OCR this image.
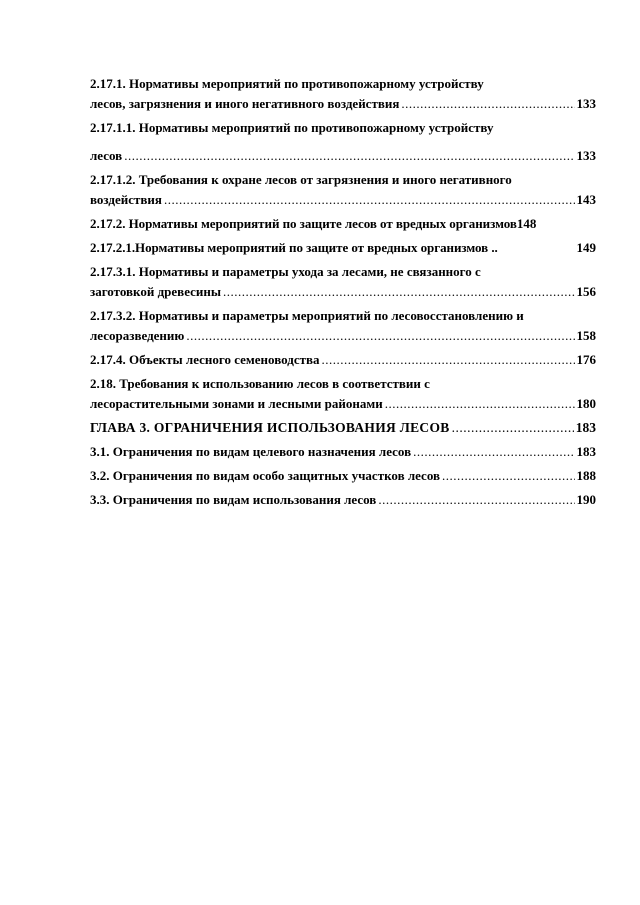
2.17.1. Нормативы мероприятий по противопожарному устройству
лесов, загрязнения и иного негативного воздействия .....	133
2.17.1.1. Нормативы мероприятий по противопожарному устройству
лесов .....	133
2.17.1.2. Требования к охране лесов от загрязнения и иного негативного
воздействия .....	143
2.17.2. Нормативы мероприятий по защите лесов от вредных организмов 148
2.17.2.1.Нормативы мероприятий по защите от вредных организмов ..	149
2.17.3.1. Нормативы и параметры ухода за лесами, не связанного с
заготовкой древесины .....	156
2.17.3.2. Нормативы и параметры мероприятий по лесовосстановлению и
лесоразведению .....	158
2.17.4. Объекты лесного семеноводства .....	176
2.18. Требования к использованию лесов в соответствии с
лесорастительными зонами и лесными районами .....	180
ГЛАВА 3. ОГРАНИЧЕНИЯ ИСПОЛЬЗОВАНИЯ ЛЕСОВ .....	183
3.1. Ограничения по видам целевого назначения лесов .....	183
3.2. Ограничения по видам особо защитных участков лесов .....	188
3.3. Ограничения по видам использования лесов .....	190
